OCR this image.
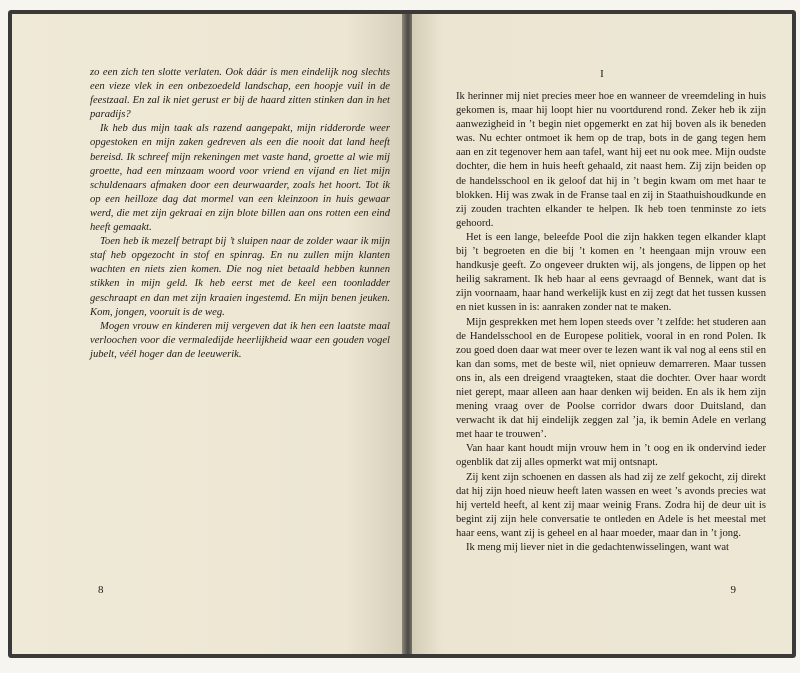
zo een zich ten slotte verlaten. Ook dáár is men eindelijk nog slechts een vieze vlek in een onbezoedeld landschap, een hoopje vuil in de feestzaal. En zal ik niet gerust er bij de haard zitten stinken dan in het paradijs?

Ik heb dus mijn taak als razend aangepakt, mijn ridderorde weer opgestoken en mijn zaken gedreven als een die nooit dat land heeft bereisd. Ik schreef mijn rekeningen met vaste hand, groette al wie mij groette, had een minzaam woord voor vriend en vijand en liet mijn schuldenaars afmaken door een deurwaarder, zoals het hoort. Tot ik op een heilloze dag dat mormel van een kleinzoon in huis gewaar werd, die met zijn gekraai en zijn blote billen aan ons rotten een eind heeft gemaakt.

Toen heb ik mezelf betrapt bij ’t sluipen naar de zolder waar ik mijn staf heb opgezocht in stof en spinrag. En nu zullen mijn klanten wachten en niets zien komen. Die nog niet betaald hebben kunnen stikken in mijn geld. Ik heb eerst met de keel een toonladder geschraapt en dan met zijn kraaien ingestemd. En mijn benen jeuken. Kom, jongen, vooruit is de weg.

Mogen vrouw en kinderen mij vergeven dat ik hen een laatste maal verloochen voor die vermaledijde heerlijkheid waar een gouden vogel jubelt, véél hoger dan de leeuwerik.

8
I

Ik herinner mij niet precies meer hoe en wanneer de vreemdeling in huis gekomen is, maar hij loopt hier nu voortdurend rond. Zeker heb ik zijn aanwezigheid in ’t begin niet opgemerkt en zat hij boven als ik beneden was. Nu echter ontmoet ik hem op de trap, bots in de gang tegen hem aan en zit tegenover hem aan tafel, want hij eet nu ook mee. Mijn oudste dochter, die hem in huis heeft gehaald, zit naast hem. Zij zijn beiden op de handelsschool en ik geloof dat hij in ’t begin kwam om met haar te blokken. Hij was zwak in de Franse taal en zij in Staathuishoudkunde en zij zouden trachten elkander te helpen. Ik heb toen tenminste zo iets gehoord.

Het is een lange, beleefde Pool die zijn hakken tegen elkander klapt bij ’t begroeten en die bij ’t komen en ’t heengaan mijn vrouw een handkusje geeft. Zo ongeveer drukten wij, als jongens, de lippen op het heilig sakrament. Ik heb haar al eens gevraagd of Bennek, want dat is zijn voornaam, haar hand werkelijk kust en zij zegt dat het tussen kussen en niet kussen in is: aanraken zonder nat te maken.

Mijn gesprekken met hem lopen steeds over ’t zelfde: het studeren aan de Handelsschool en de Europese politiek, vooral in en rond Polen. Ik zou goed doen daar wat meer over te lezen want ik val nog al eens stil en kan dan soms, met de beste wil, niet opnieuw demarreren. Maar tussen ons in, als een dreigend vraagteken, staat die dochter. Over haar wordt niet gerept, maar alleen aan haar denken wij beiden. En als ik hem zijn mening vraag over de Poolse corridor dwars door Duitsland, dan verwacht ik dat hij eindelijk zeggen zal ’ja, ik bemin Adele en verlang met haar te trouwen’.

Van haar kant houdt mijn vrouw hem in ’t oog en ik ondervind ieder ogenblik dat zij alles opmerkt wat mij ontsnapt.

Zij kent zijn schoenen en dassen als had zij ze zelf gekocht, zij direkt dat hij zijn hoed nieuw heeft laten wassen en weet ’s avonds precies wat hij verteld heeft, al kent zij maar weinig Frans. Zodra hij de deur uit is begint zij zijn hele conversatie te ontleden en Adele is het meestal met haar eens, want zij is geheel en al haar moeder, maar dan in ’t jong.

Ik meng mij liever niet in die gedachtenwisselingen, want wat

9
